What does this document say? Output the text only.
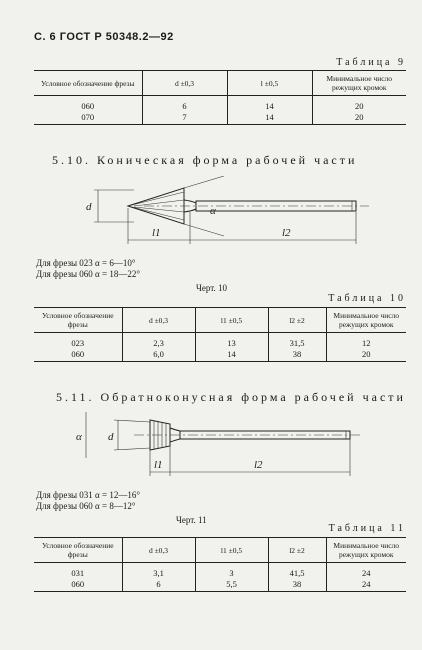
С. 6 ГОСТ Р 50348.2—92
Таблица 9
Условное обозначение фрезы	d ±0,3	l ±0,5	Минимальное число режущих кромок
060	6	14	20
070	7	14	20
5.10. Коническая форма рабочей части
d	α
l1	l2
Для фрезы 023 α = 6—10°
Для фрезы 060 α = 18—22°
Черт. 10
Таблица 10
Условное обозначение фрезы	d ±0,3	l1 ±0,5	l2 ±2	Минимальное число режущих кромок
023	2,3	13	31,5	12
060	6,0	14	38	20
5.11. Обратноконусная форма рабочей части
α d
l1	l2
Для фрезы 031 α = 12—16°
Для фрезы 060 α = 8—12°
Черт. 11
Таблица 11
Условное обозначение фрезы	d ±0,3	l1 ±0,5	l2 ±2	Минимальное число режущих кромок
031	3,1	3	41,5	24
060	6	5,5	38	24
